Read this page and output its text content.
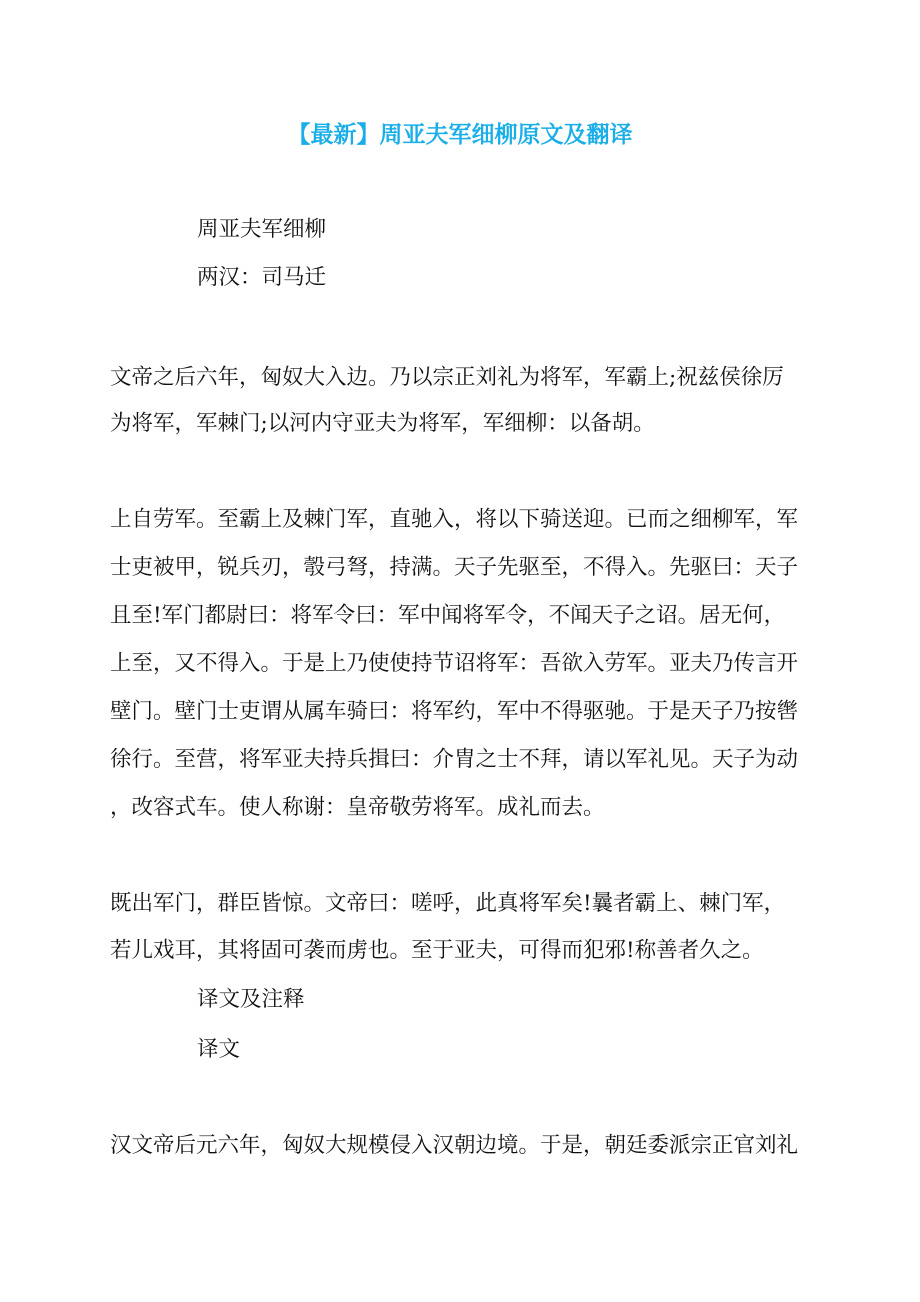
【最新】周亚夫军细柳原文及翻译
周亚夫军细柳
两汉：司马迁
文帝之后六年，匈奴大入边。乃以宗正刘礼为将军，军霸上;祝兹侯徐厉
为将军，军棘门;以河内守亚夫为将军，军细柳：以备胡。
上自劳军。至霸上及棘门军，直驰入，将以下骑送迎。已而之细柳军，军
士吏被甲，锐兵刃，彀弓弩，持满。天子先驱至，不得入。先驱曰：天子
且至!军门都尉曰：将军令曰：军中闻将军令，不闻天子之诏。居无何，
上至，又不得入。于是上乃使使持节诏将军：吾欲入劳军。亚夫乃传言开
壁门。壁门士吏谓从属车骑曰：将军约，军中不得驱驰。于是天子乃按辔
徐行。至营，将军亚夫持兵揖曰：介胄之士不拜，请以军礼见。天子为动
，改容式车。使人称谢：皇帝敬劳将军。成礼而去。
既出军门，群臣皆惊。文帝曰：嗟呼，此真将军矣!曩者霸上、棘门军，
若儿戏耳，其将固可袭而虏也。至于亚夫，可得而犯邪!称善者久之。
译文及注释
译文
汉文帝后元六年，匈奴大规模侵入汉朝边境。于是，朝廷委派宗正官刘礼
